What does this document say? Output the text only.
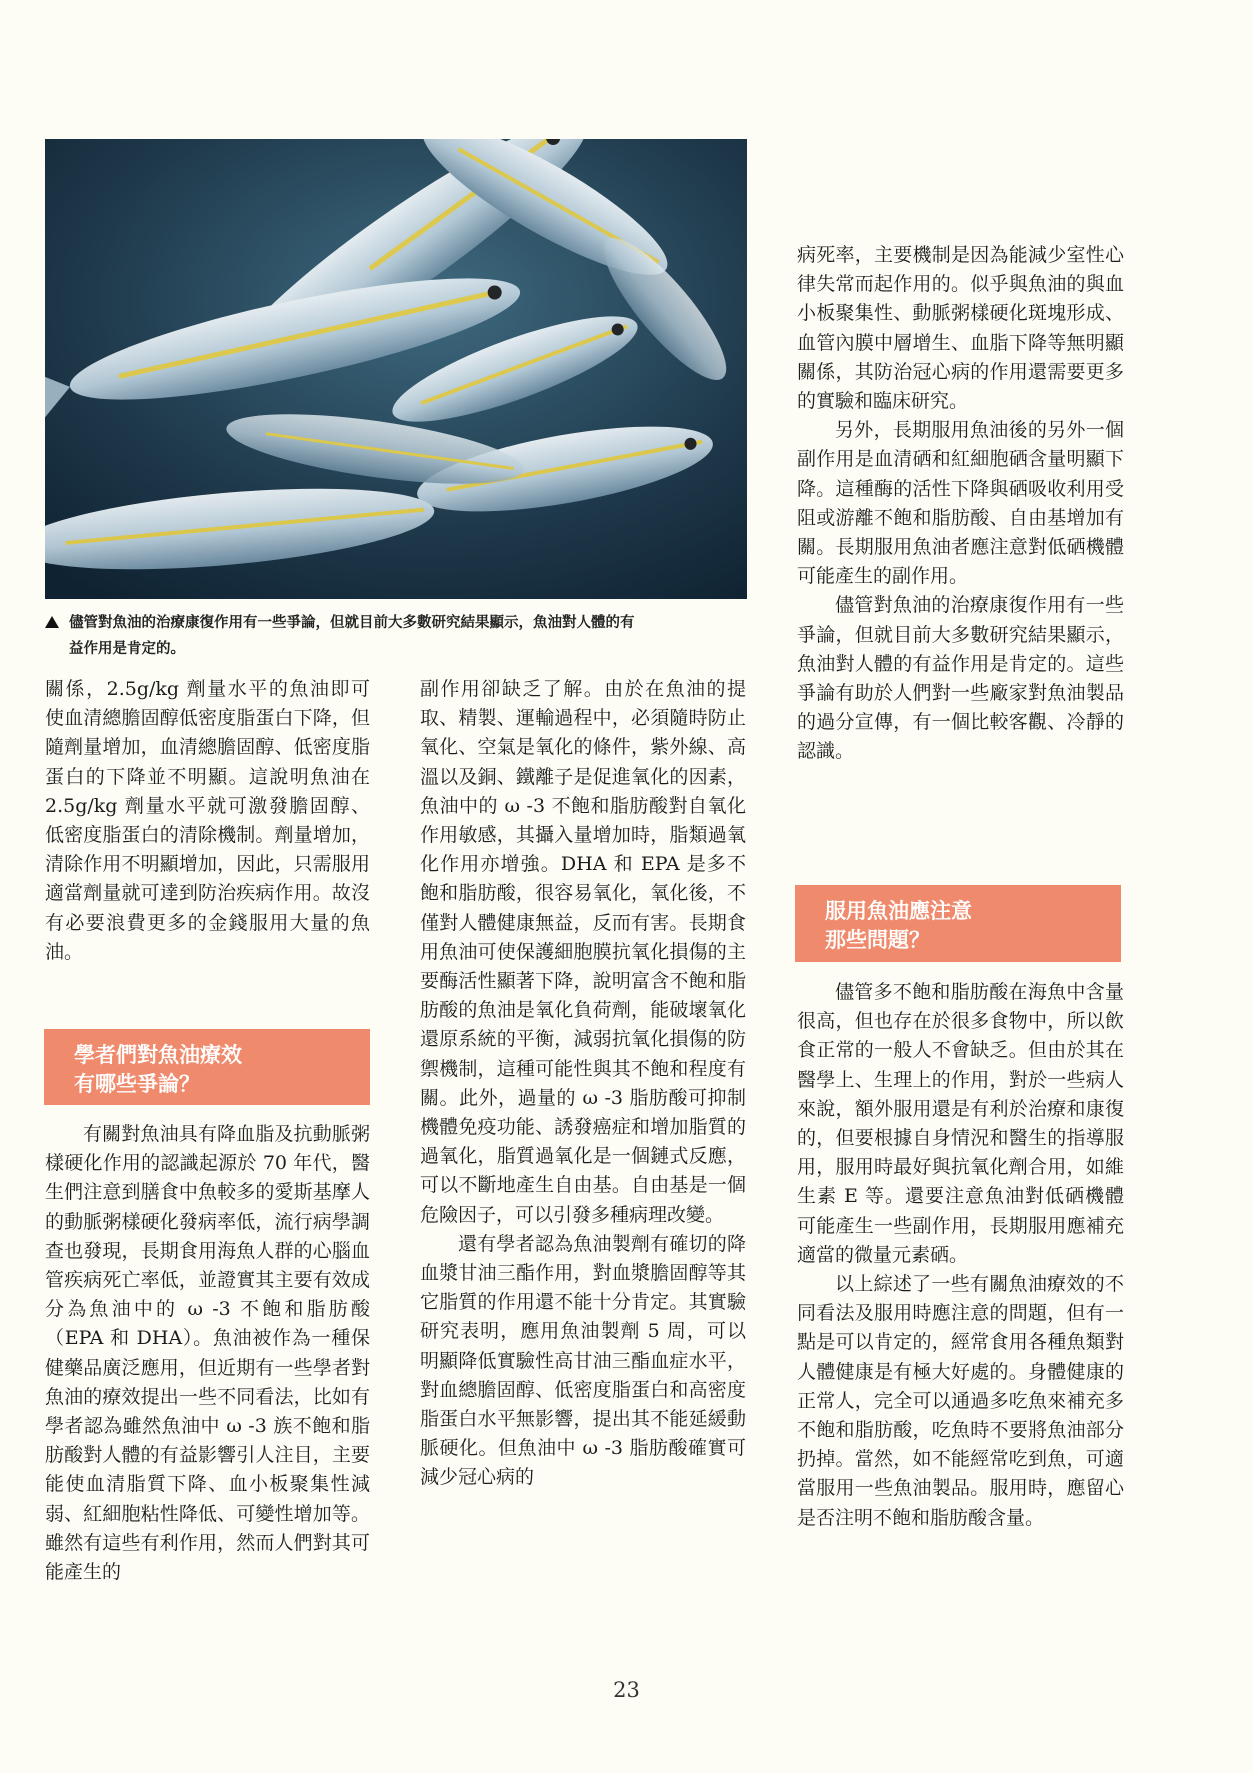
儘管對魚油的治療康復作用有一些爭論，但就目前大多數研究結果顯示，魚油對人體的有

益作用是肯定的。

關係，2.5g/kg 劑量水平的魚油即可使血清總膽固醇低密度脂蛋白下降，但隨劑量增加，血清總膽固醇、低密度脂蛋白的下降並不明顯。這說明魚油在 2.5g/kg 劑量水平就可激發膽固醇、低密度脂蛋白的清除機制。劑量增加，清除作用不明顯增加，因此，只需服用適當劑量就可達到防治疾病作用。故沒有必要浪費更多的金錢服用大量的魚油。

學者們對魚油療效

有哪些爭論？

有關對魚油具有降血脂及抗動脈粥樣硬化作用的認識起源於 70 年代，醫生們注意到膳食中魚較多的愛斯基摩人的動脈粥樣硬化發病率低，流行病學調查也發現，長期食用海魚人群的心腦血管疾病死亡率低，並證實其主要有效成分為魚油中的 ω -3 不飽和脂肪酸（EPA 和 DHA）。魚油被作為一種保健藥品廣泛應用，但近期有一些學者對魚油的療效提出一些不同看法，比如有學者認為雖然魚油中 ω -3 族不飽和脂肪酸對人體的有益影響引人注目，主要能使血清脂質下降、血小板聚集性減弱、紅細胞粘性降低、可變性增加等。雖然有這些有利作用，然而人們對其可能產生的

副作用卻缺乏了解。由於在魚油的提取、精製、運輸過程中，必須隨時防止氧化、空氣是氧化的條件，紫外線、高溫以及銅、鐵離子是促進氧化的因素，魚油中的 ω -3 不飽和脂肪酸對自氧化作用敏感，其攝入量增加時，脂類過氧化作用亦增強。DHA 和 EPA 是多不飽和脂肪酸，很容易氧化，氧化後，不僅對人體健康無益，反而有害。長期食用魚油可使保護細胞膜抗氧化損傷的主要酶活性顯著下降，說明富含不飽和脂肪酸的魚油是氧化負荷劑，能破壞氧化還原系統的平衡，減弱抗氧化損傷的防禦機制，這種可能性與其不飽和程度有關。此外，過量的 ω -3 脂肪酸可抑制機體免疫功能、誘發癌症和增加脂質的過氧化，脂質過氧化是一個鏈式反應，可以不斷地產生自由基。自由基是一個危險因子，可以引發多種病理改變。

還有學者認為魚油製劑有確切的降血漿甘油三酯作用，對血漿膽固醇等其它脂質的作用還不能十分肯定。其實驗研究表明，應用魚油製劑 5 周，可以明顯降低實驗性高甘油三酯血症水平，對血總膽固醇、低密度脂蛋白和高密度脂蛋白水平無影響，提出其不能延緩動脈硬化。但魚油中 ω -3 脂肪酸確實可減少冠心病的

病死率，主要機制是因為能減少室性心律失常而起作用的。似乎與魚油的與血小板聚集性、動脈粥樣硬化斑塊形成、血管內膜中層增生、血脂下降等無明顯關係，其防治冠心病的作用還需要更多的實驗和臨床研究。

另外，長期服用魚油後的另外一個副作用是血清硒和紅細胞硒含量明顯下降。這種酶的活性下降與硒吸收利用受阻或游離不飽和脂肪酸、自由基增加有關。長期服用魚油者應注意對低硒機體可能產生的副作用。

儘管對魚油的治療康復作用有一些爭論，但就目前大多數研究結果顯示，魚油對人體的有益作用是肯定的。這些爭論有助於人們對一些廠家對魚油製品的過分宣傳，有一個比較客觀、冷靜的認識。

服用魚油應注意

那些問題？

儘管多不飽和脂肪酸在海魚中含量很高，但也存在於很多食物中，所以飲食正常的一般人不會缺乏。但由於其在醫學上、生理上的作用，對於一些病人來說，額外服用還是有利於治療和康復的，但要根據自身情況和醫生的指導服用，服用時最好與抗氧化劑合用，如維生素 E 等。還要注意魚油對低硒機體可能產生一些副作用，長期服用應補充適當的微量元素硒。

以上綜述了一些有關魚油療效的不同看法及服用時應注意的問題，但有一點是可以肯定的，經常食用各種魚類對人體健康是有極大好處的。身體健康的正常人，完全可以通過多吃魚來補充多不飽和脂肪酸，吃魚時不要將魚油部分扔掉。當然，如不能經常吃到魚，可適當服用一些魚油製品。服用時，應留心是否注明不飽和脂肪酸含量。

23
